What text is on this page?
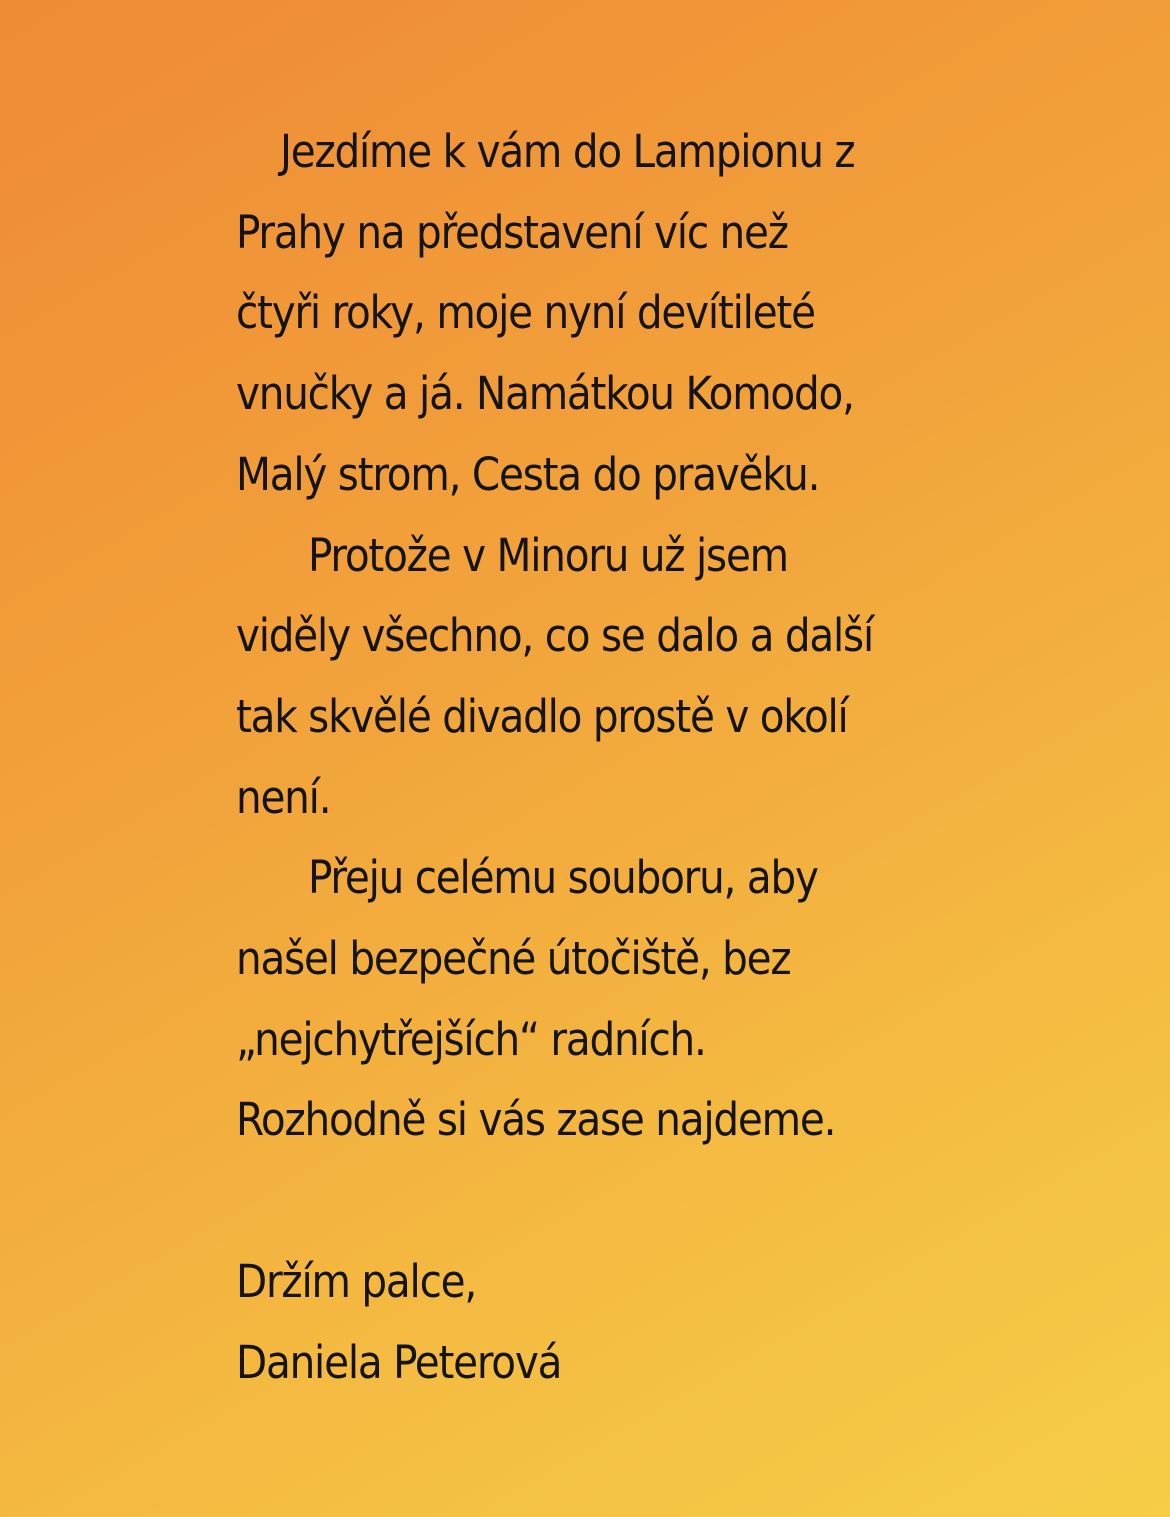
Jezdíme k vám do Lampionu z
Prahy na představení víc než
čtyři roky, moje nyní devítileté
vnučky a já. Namátkou Komodo,
Malý strom, Cesta do pravěku.

Protože v Minoru už jsem
viděly všechno, co se dalo a další
tak skvělé divadlo prostě v okolí
není.

Přeju celému souboru, aby
našel bezpečné útočiště, bez
„nejchytřejších“ radních.
Rozhodně si vás zase najdeme.

Držím palce,
Daniela Peterová
